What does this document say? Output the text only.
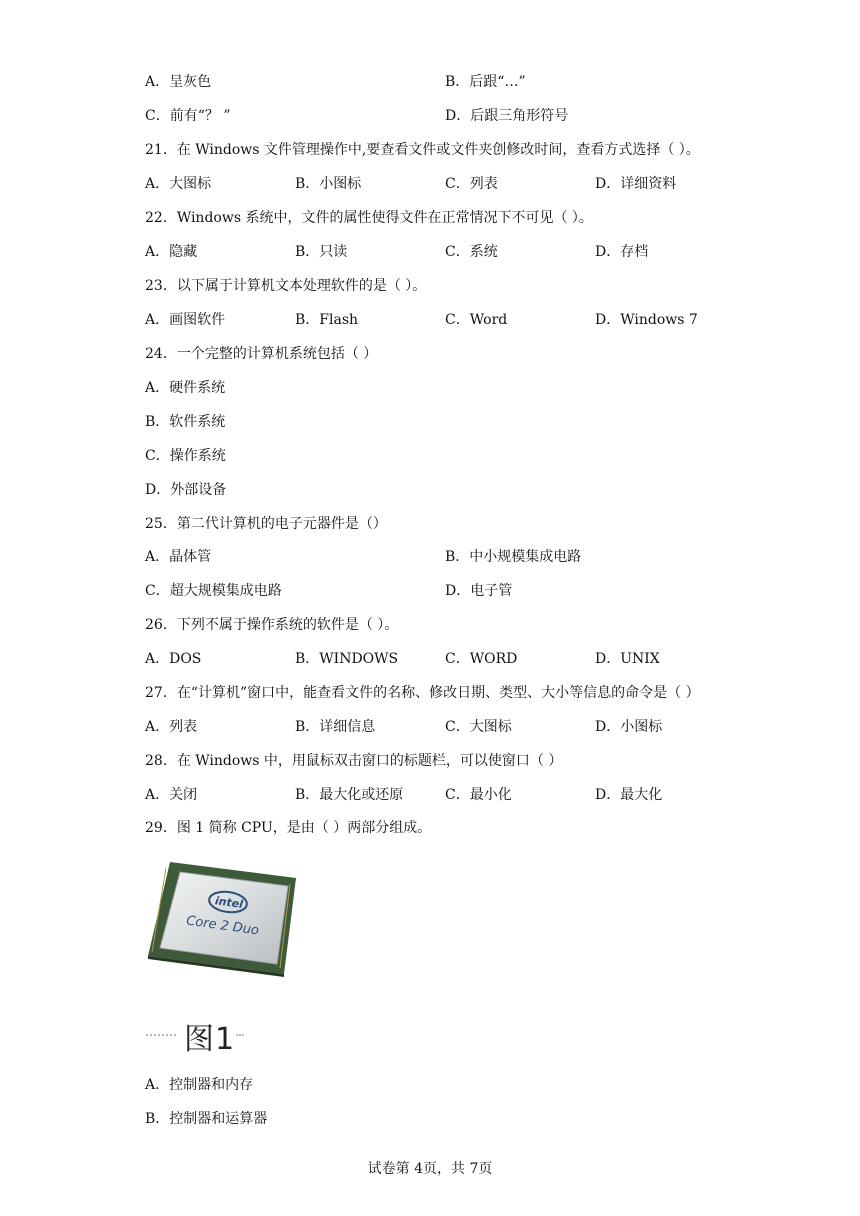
A．呈灰色	B．后跟“…”
C．前有“？ ”	D．后跟三角形符号
21．在 Windows 文件管理操作中,要查看文件或文件夹创修改时间，查看方式选择（ ）。
A．大图标	B．小图标	C．列表	D．详细资料
22．Windows 系统中，文件的属性使得文件在正常情况下不可见（ ）。
A．隐藏	B．只读	C．系统	D．存档
23．以下属于计算机文本处理软件的是（ ）。
A．画图软件	B．Flash	C．Word	D．Windows 7
24．一个完整的计算机系统包括（ ）
A．硬件系统
B．软件系统
C．操作系统
D．外部设备
25．第二代计算机的电子元器件是（）
A．晶体管	B．中小规模集成电路
C．超大规模集成电路	D．电子管
26．下列不属于操作系统的软件是（ ）。
A．DOS	B．WINDOWS	C．WORD	D．UNIX
27．在“计算机”窗口中，能查看文件的名称、修改日期、类型、大小等信息的命令是（ ）
A．列表	B．详细信息	C．大图标	D．小图标
28．在 Windows 中，用鼠标双击窗口的标题栏，可以使窗口（ ）
A．关闭	B．最大化或还原	C．最小化	D．最大化
29．图 1 简称 CPU，是由（ ）两部分组成。
intel
Core 2 Duo
图1
A．控制器和内存
B．控制器和运算器
试卷第 4页，共 7页
